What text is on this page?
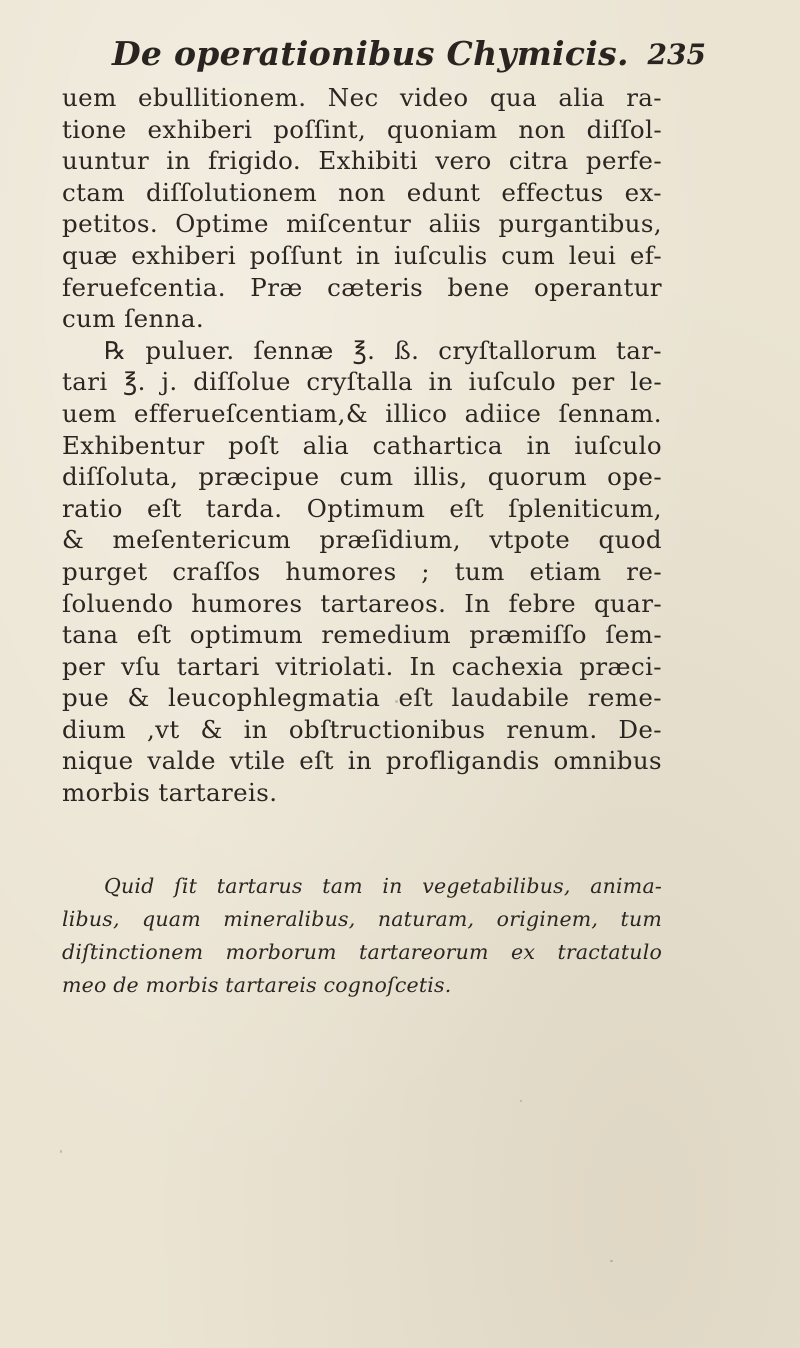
De operationibus Chymicis. 235
uem ebullitionem. Nec video qua alia ra-
tione exhiberi poſſint, quoniam non diſſol-
uuntur in frigido. Exhibiti vero citra perfe-
ctam diſſolutionem non edunt effectus ex-
petitos. Optime miſcentur aliis purgantibus,
quæ exhiberi poſſunt in iuſculis cum leui ef-
feruefcentia. Præ cæteris bene operantur
cum ſenna.
℞ puluer. ſennæ ℥. ß. cryſtallorum tar-
tari ℥. j. diſſolue cryſtalla in iuſculo per le-
uem efferueſcentiam,& illico adiice ſennam.
Exhibentur poſt alia cathartica in iuſculo
diſſoluta, præcipue cum illis, quorum ope-
ratio eſt tarda. Optimum eſt ſpleniticum,
& meſentericum præſidium, vtpote quod
purget craſſos humores ; tum etiam re-
ſoluendo humores tartareos. In febre quar-
tana eſt optimum remedium præmiſſo ſem-
per vſu tartari vitriolati. In cachexia præci-
pue & leucophlegmatia eſt laudabile reme-
dium ,vt & in obſtructionibus renum. De-
nique valde vtile eſt in profligandis omnibus
morbis tartareis.
Quid ſit tartarus tam in vegetabilibus, anima-
libus, quam mineralibus, naturam, originem, tum
diſtinctionem morborum tartareorum ex tractatulo
meo de morbis tartareis cognoſcetis.
